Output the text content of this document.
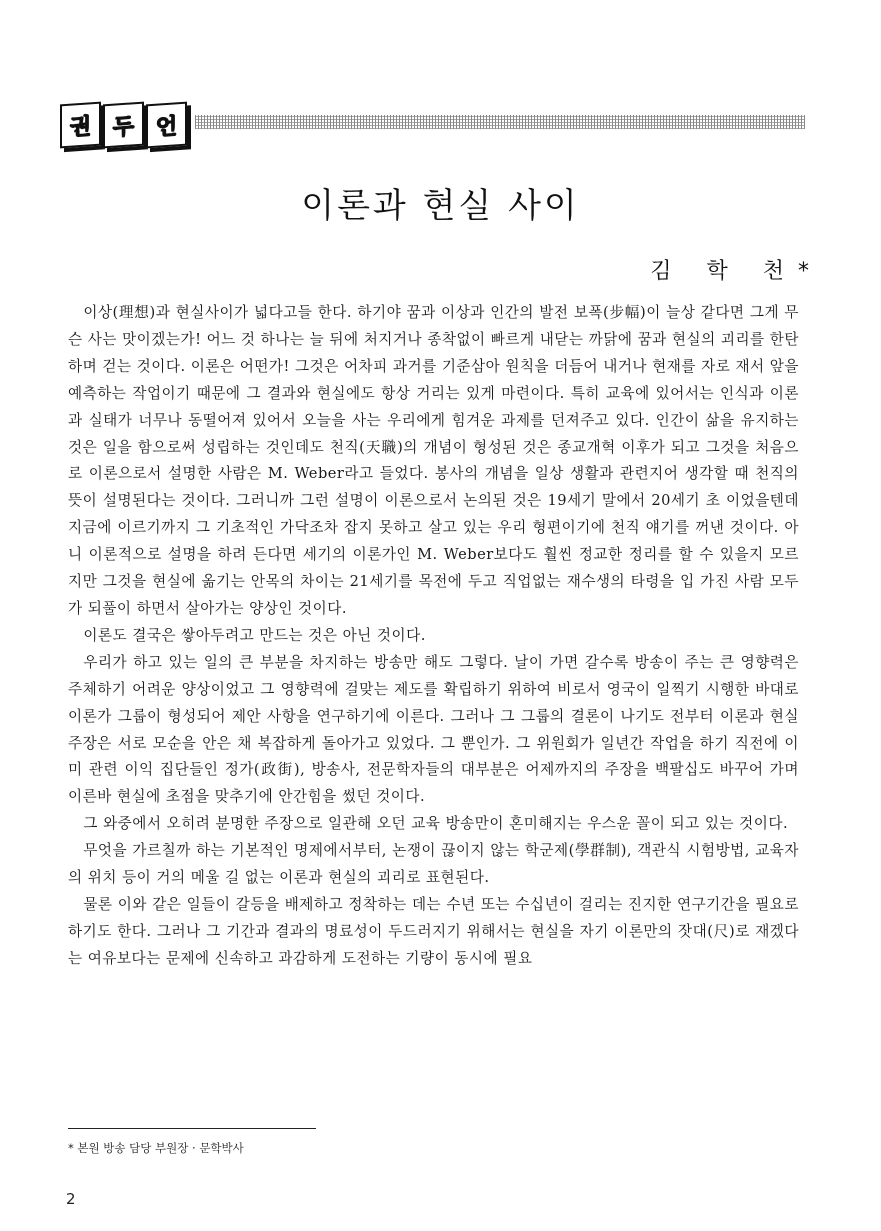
권 두 언
이론과 현실 사이
김 학 천*

이상(理想)과 현실사이가 넓다고들 한다. 하기야 꿈과 이상과 인간의 발전 보폭(步幅)이 늘상 같다면 그게 무슨 사는 맛이겠는가! 어느 것 하나는 늘 뒤에 처지거나 종착없이 빠르게 내닫는 까닭에 꿈과 현실의 괴리를 한탄하며 걷는 것이다. 이론은 어떤가! 그것은 어차피 과거를 기준삼아 원칙을 더듬어 내거나 현재를 자로 재서 앞을 예측하는 작업이기 때문에 그 결과와 현실에도 항상 거리는 있게 마련이다. 특히 교육에 있어서는 인식과 이론과 실태가 너무나 동떨어져 있어서 오늘을 사는 우리에게 힘겨운 과제를 던져주고 있다. 인간이 삶을 유지하는 것은 일을 함으로써 성립하는 것인데도 천직(天職)의 개념이 형성된 것은 종교개혁 이후가 되고 그것을 처음으로 이론으로서 설명한 사람은 M. Weber라고 들었다. 봉사의 개념을 일상 생활과 관련지어 생각할 때 천직의 뜻이 설명된다는 것이다. 그러니까 그런 설명이 이론으로서 논의된 것은 19세기 말에서 20세기 초 이었을텐데 지금에 이르기까지 그 기초적인 가닥조차 잡지 못하고 살고 있는 우리 형편이기에 천직 얘기를 꺼낸 것이다. 아니 이론적으로 설명을 하려 든다면 세기의 이론가인 M. Weber보다도 훨씬 정교한 정리를 할 수 있을지 모르지만 그것을 현실에 옮기는 안목의 차이는 21세기를 목전에 두고 직업없는 재수생의 타령을 입 가진 사람 모두가 되풀이 하면서 살아가는 양상인 것이다.

이론도 결국은 쌓아두려고 만드는 것은 아닌 것이다.

우리가 하고 있는 일의 큰 부분을 차지하는 방송만 해도 그렇다. 날이 가면 갈수록 방송이 주는 큰 영향력은 주체하기 어려운 양상이었고 그 영향력에 걸맞는 제도를 확립하기 위하여 비로서 영국이 일찍기 시행한 바대로 이론가 그룹이 형성되어 제안 사항을 연구하기에 이른다. 그러나 그 그룹의 결론이 나기도 전부터 이론과 현실 주장은 서로 모순을 안은 채 복잡하게 돌아가고 있었다. 그 뿐인가. 그 위원회가 일년간 작업을 하기 직전에 이미 관련 이익 집단들인 정가(政街), 방송사, 전문학자들의 대부분은 어제까지의 주장을 백팔십도 바꾸어 가며 이른바 현실에 초점을 맞추기에 안간힘을 썼던 것이다.

그 와중에서 오히려 분명한 주장으로 일관해 오던 교육 방송만이 혼미해지는 우스운 꼴이 되고 있는 것이다.

무엇을 가르칠까 하는 기본적인 명제에서부터, 논쟁이 끊이지 않는 학군제(學群制), 객관식 시험방법, 교육자의 위치 등이 거의 메울 길 없는 이론과 현실의 괴리로 표현된다.

물론 이와 같은 일들이 갈등을 배제하고 정착하는 데는 수년 또는 수십년이 걸리는 진지한 연구기간을 필요로 하기도 한다. 그러나 그 기간과 결과의 명료성이 두드러지기 위해서는 현실을 자기 이론만의 잣대(尺)로 재겠다는 여유보다는 문제에 신속하고 과감하게 도전하는 기량이 동시에 필요

* 본원 방송 담당 부원장 · 문학박사
2
